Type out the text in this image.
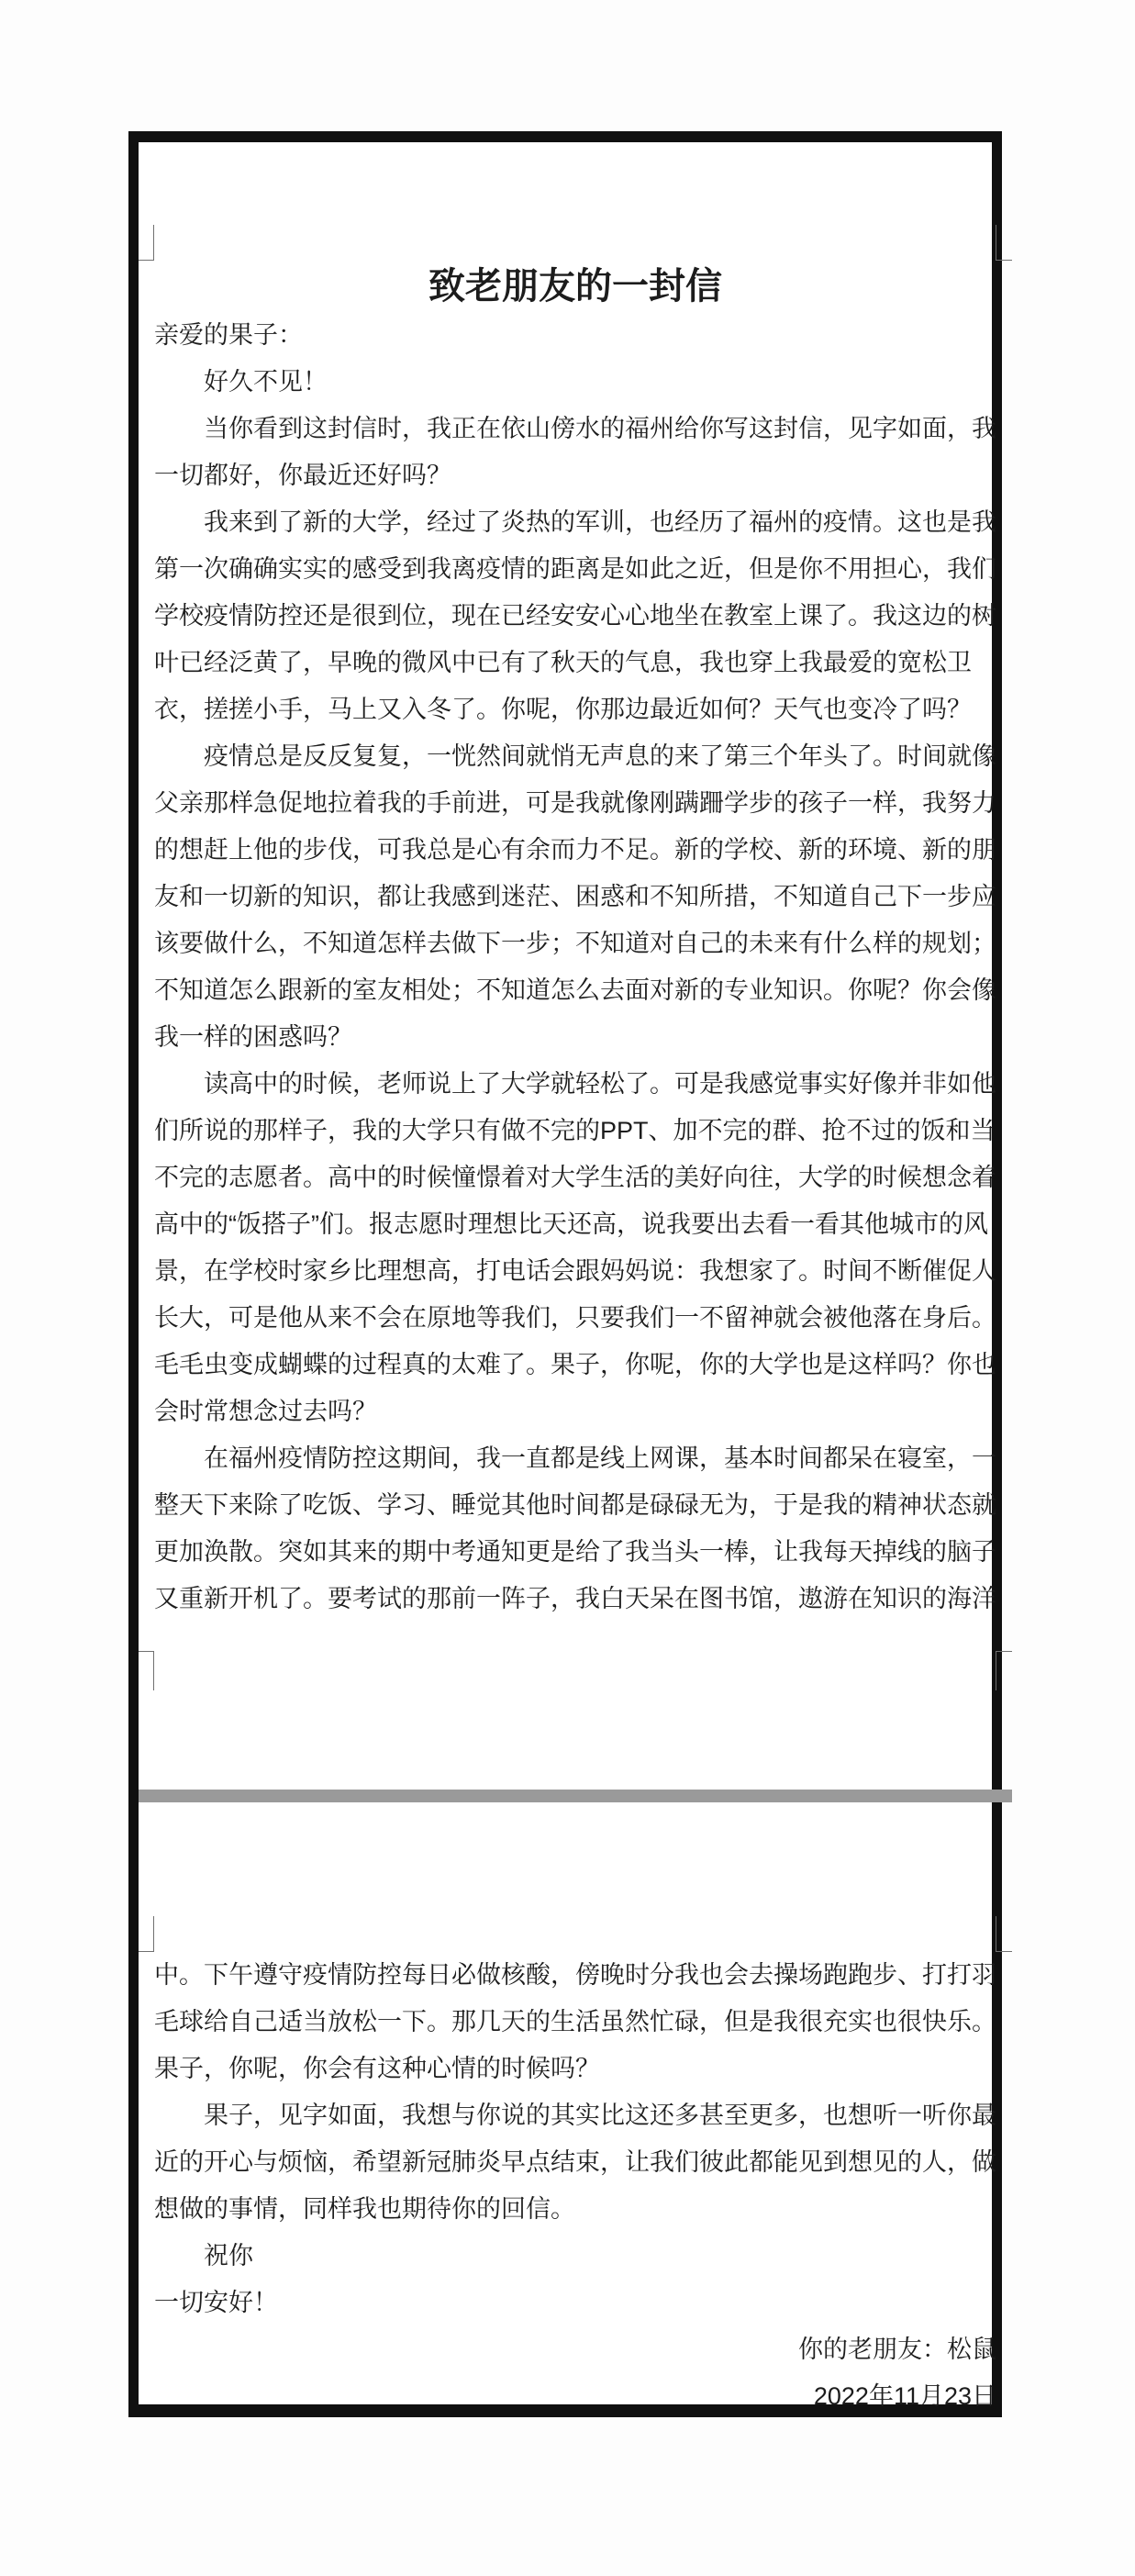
致老朋友的一封信
亲爱的果子：
好久不见！
当你看到这封信时，我正在依山傍水的福州给你写这封信，见字如面，我
一切都好，你最近还好吗？
我来到了新的大学，经过了炎热的军训，也经历了福州的疫情。这也是我
第一次确确实实的感受到我离疫情的距离是如此之近，但是你不用担心，我们
学校疫情防控还是很到位，现在已经安安心心地坐在教室上课了。我这边的树
叶已经泛黄了，早晚的微风中已有了秋天的气息，我也穿上我最爱的宽松卫
衣，搓搓小手，马上又入冬了。你呢，你那边最近如何？天气也变冷了吗？
疫情总是反反复复，一恍然间就悄无声息的来了第三个年头了。时间就像
父亲那样急促地拉着我的手前进，可是我就像刚蹒跚学步的孩子一样，我努力
的想赶上他的步伐，可我总是心有余而力不足。新的学校、新的环境、新的朋
友和一切新的知识，都让我感到迷茫、困惑和不知所措，不知道自己下一步应
该要做什么，不知道怎样去做下一步；不知道对自己的未来有什么样的规划；
不知道怎么跟新的室友相处；不知道怎么去面对新的专业知识。你呢？你会像
我一样的困惑吗？
读高中的时候，老师说上了大学就轻松了。可是我感觉事实好像并非如他
们所说的那样子，我的大学只有做不完的PPT、加不完的群、抢不过的饭和当
不完的志愿者。高中的时候憧憬着对大学生活的美好向往，大学的时候想念着
高中的“饭搭子”们。报志愿时理想比天还高，说我要出去看一看其他城市的风
景，在学校时家乡比理想高，打电话会跟妈妈说：我想家了。时间不断催促人
长大，可是他从来不会在原地等我们，只要我们一不留神就会被他落在身后。
毛毛虫变成蝴蝶的过程真的太难了。果子，你呢，你的大学也是这样吗？你也
会时常想念过去吗？
在福州疫情防控这期间，我一直都是线上网课，基本时间都呆在寝室，一
整天下来除了吃饭、学习、睡觉其他时间都是碌碌无为，于是我的精神状态就
更加涣散。突如其来的期中考通知更是给了我当头一棒，让我每天掉线的脑子
又重新开机了。要考试的那前一阵子，我白天呆在图书馆，遨游在知识的海洋
中。下午遵守疫情防控每日必做核酸，傍晚时分我也会去操场跑跑步、打打羽
毛球给自己适当放松一下。那几天的生活虽然忙碌，但是我很充实也很快乐。
果子，你呢，你会有这种心情的时候吗？
果子，见字如面，我想与你说的其实比这还多甚至更多，也想听一听你最
近的开心与烦恼，希望新冠肺炎早点结束，让我们彼此都能见到想见的人，做
想做的事情，同样我也期待你的回信。
祝你
一切安好！
你的老朋友：松鼠
2022年11月23日
